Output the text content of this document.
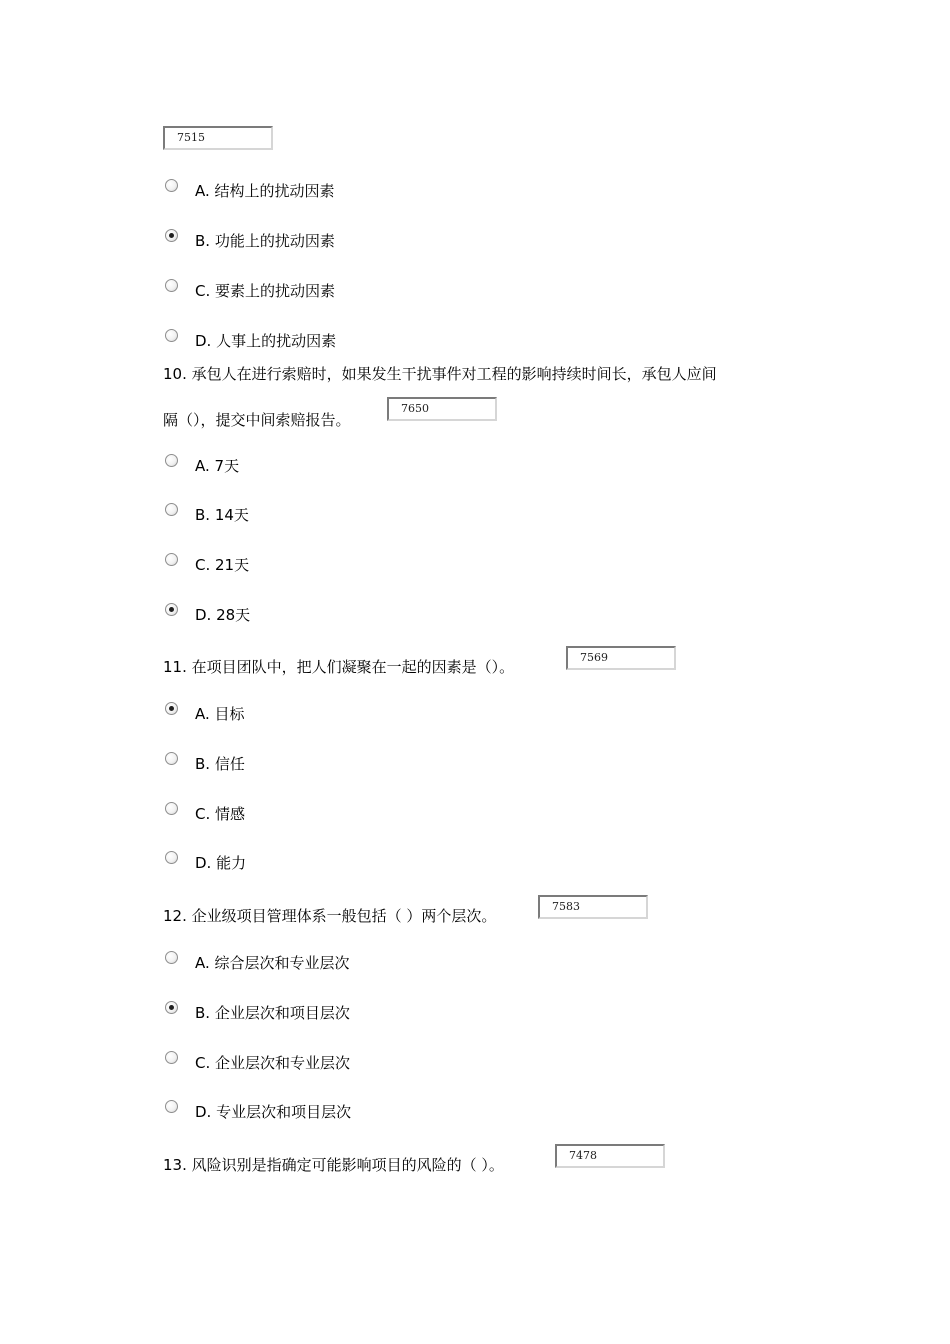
7515
A. 结构上的扰动因素
B. 功能上的扰动因素
C. 要素上的扰动因素
D. 人事上的扰动因素
10. 承包人在进行索赔时，如果发生干扰事件对工程的影响持续时间长，承包人应间
隔（），提交中间索赔报告。
7650
A. 7天
B. 14天
C. 21天
D. 28天
11. 在项目团队中，把人们凝聚在一起的因素是（）。
7569
A. 目标
B. 信任
C. 情感
D. 能力
12. 企业级项目管理体系一般包括（ ）两个层次。
7583
A. 综合层次和专业层次
B. 企业层次和项目层次
C. 企业层次和专业层次
D. 专业层次和项目层次
13. 风险识别是指确定可能影响项目的风险的（ ）。
7478
